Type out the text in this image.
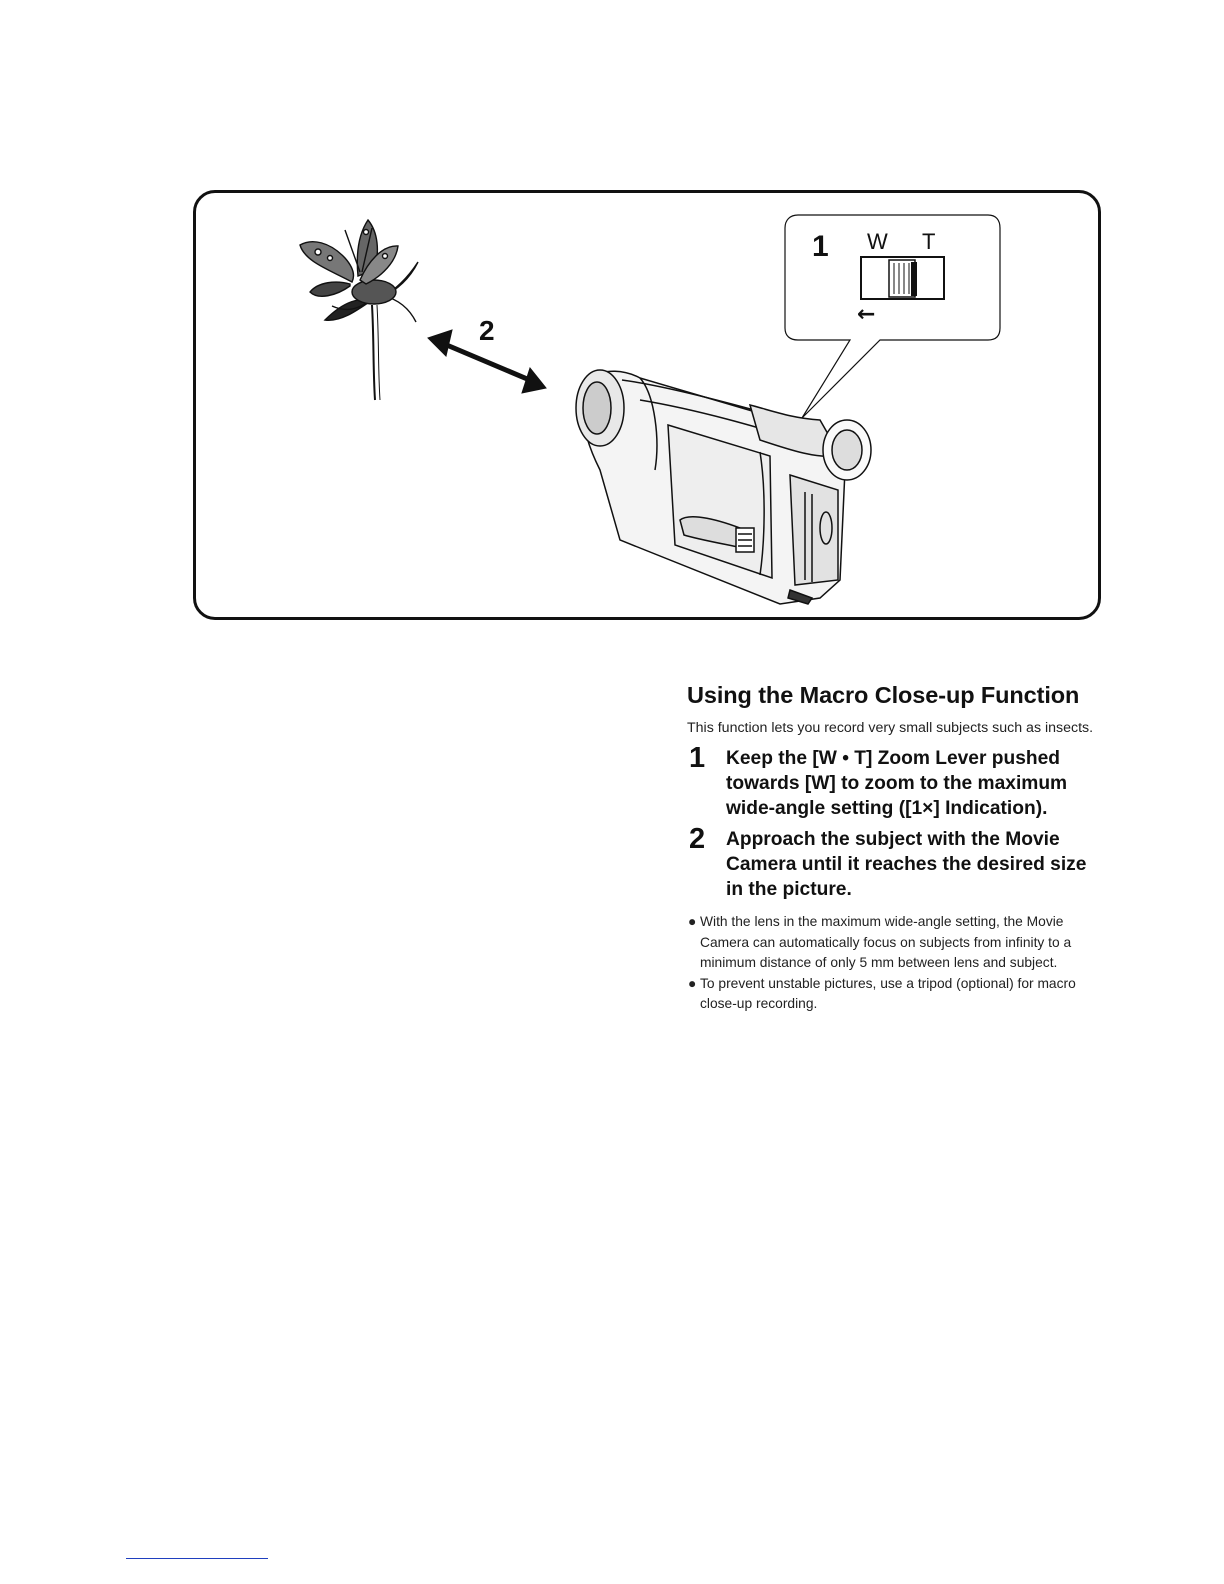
2
1 W T
←
Using the Macro Close-up Function

This function lets you record very small subjects such as insects.

1 Keep the [W • T] Zoom Lever pushed towards [W] to zoom to the maximum wide-angle setting ([1×] Indication).
2 Approach the subject with the Movie Camera until it reaches the desired size in the picture.
● With the lens in the maximum wide-angle setting, the Movie Camera can automatically focus on subjects from infinity to a minimum distance of only 5 mm between lens and subject.
● To prevent unstable pictures, use a tripod (optional) for macro close-up recording.
